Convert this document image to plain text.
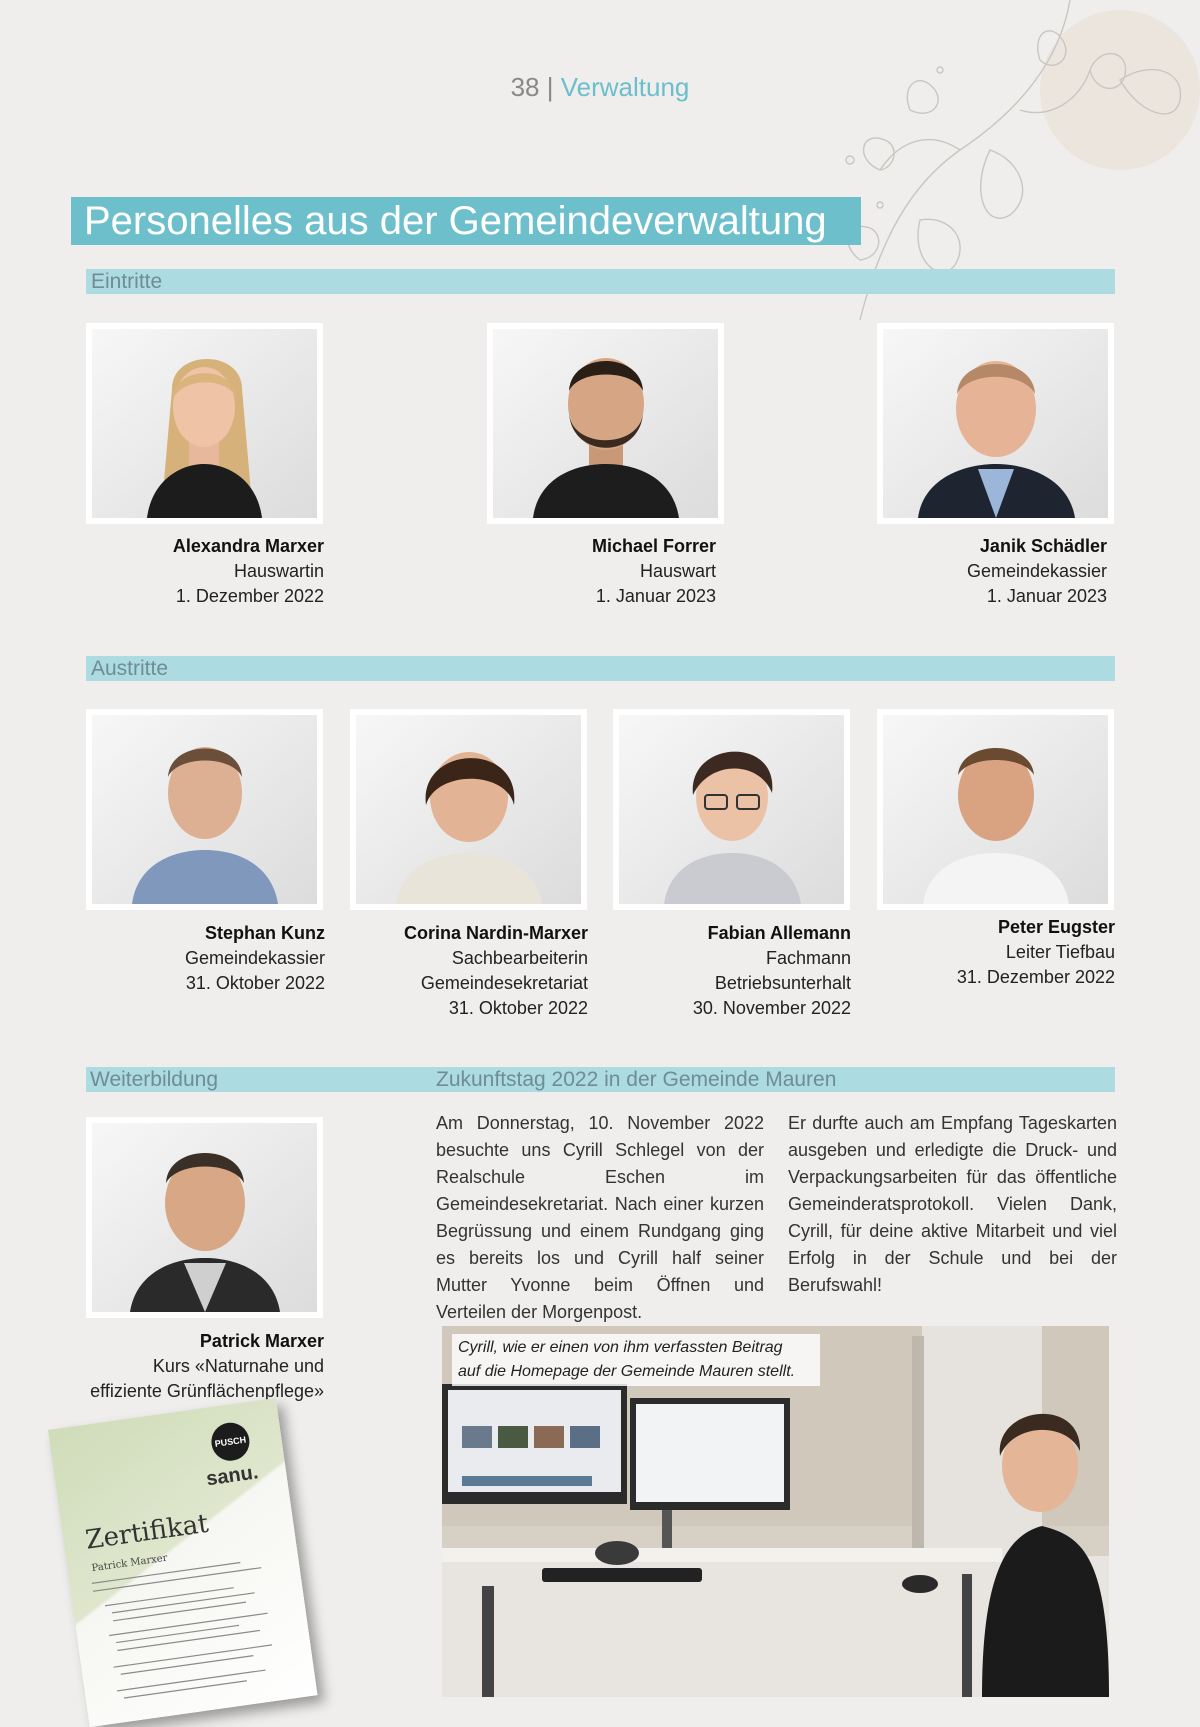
38 | Verwaltung
Personelles aus der Gemeindeverwaltung
Eintritte
Alexandra Marxer
Hauswartin
1. Dezember 2022
Michael Forrer
Hauswart
1. Januar 2023
Janik Schädler
Gemeindekassier
1. Januar 2023
Austritte
Stephan Kunz
Gemeindekassier
31. Oktober 2022
Corina Nardin-Marxer
Sachbearbeiterin
Gemeindesekretariat
31. Oktober 2022
Fabian Allemann
Fachmann
Betriebsunterhalt
30. November 2022
Peter Eugster
Leiter Tiefbau
31. Dezember 2022
Weiterbildung	Zukunftstag 2022 in der Gemeinde Mauren
Patrick Marxer
Kurs «Naturnahe und
effiziente Grünflächenpflege»
PUSCH
sanu.
Zertifikat
Patrick Marxer
Am Donnerstag, 10. November 2022 besuchte uns Cyrill Schlegel von der Realschule Eschen im Gemeindesekretariat. Nach einer kurzen Begrüssung und einem Rundgang ging es bereits los und Cyrill half seiner Mutter Yvonne beim Öffnen und Verteilen der Morgenpost.
Er durfte auch am Empfang Tageskarten ausgeben und erledigte die Druck- und Verpackungsarbeiten für das öffentliche Gemeinderatsprotokoll. Vielen Dank, Cyrill, für deine aktive Mitarbeit und viel Erfolg in der Schule und bei der Berufswahl!
Cyrill, wie er einen von ihm verfassten Beitrag
auf die Homepage der Gemeinde Mauren stellt.
